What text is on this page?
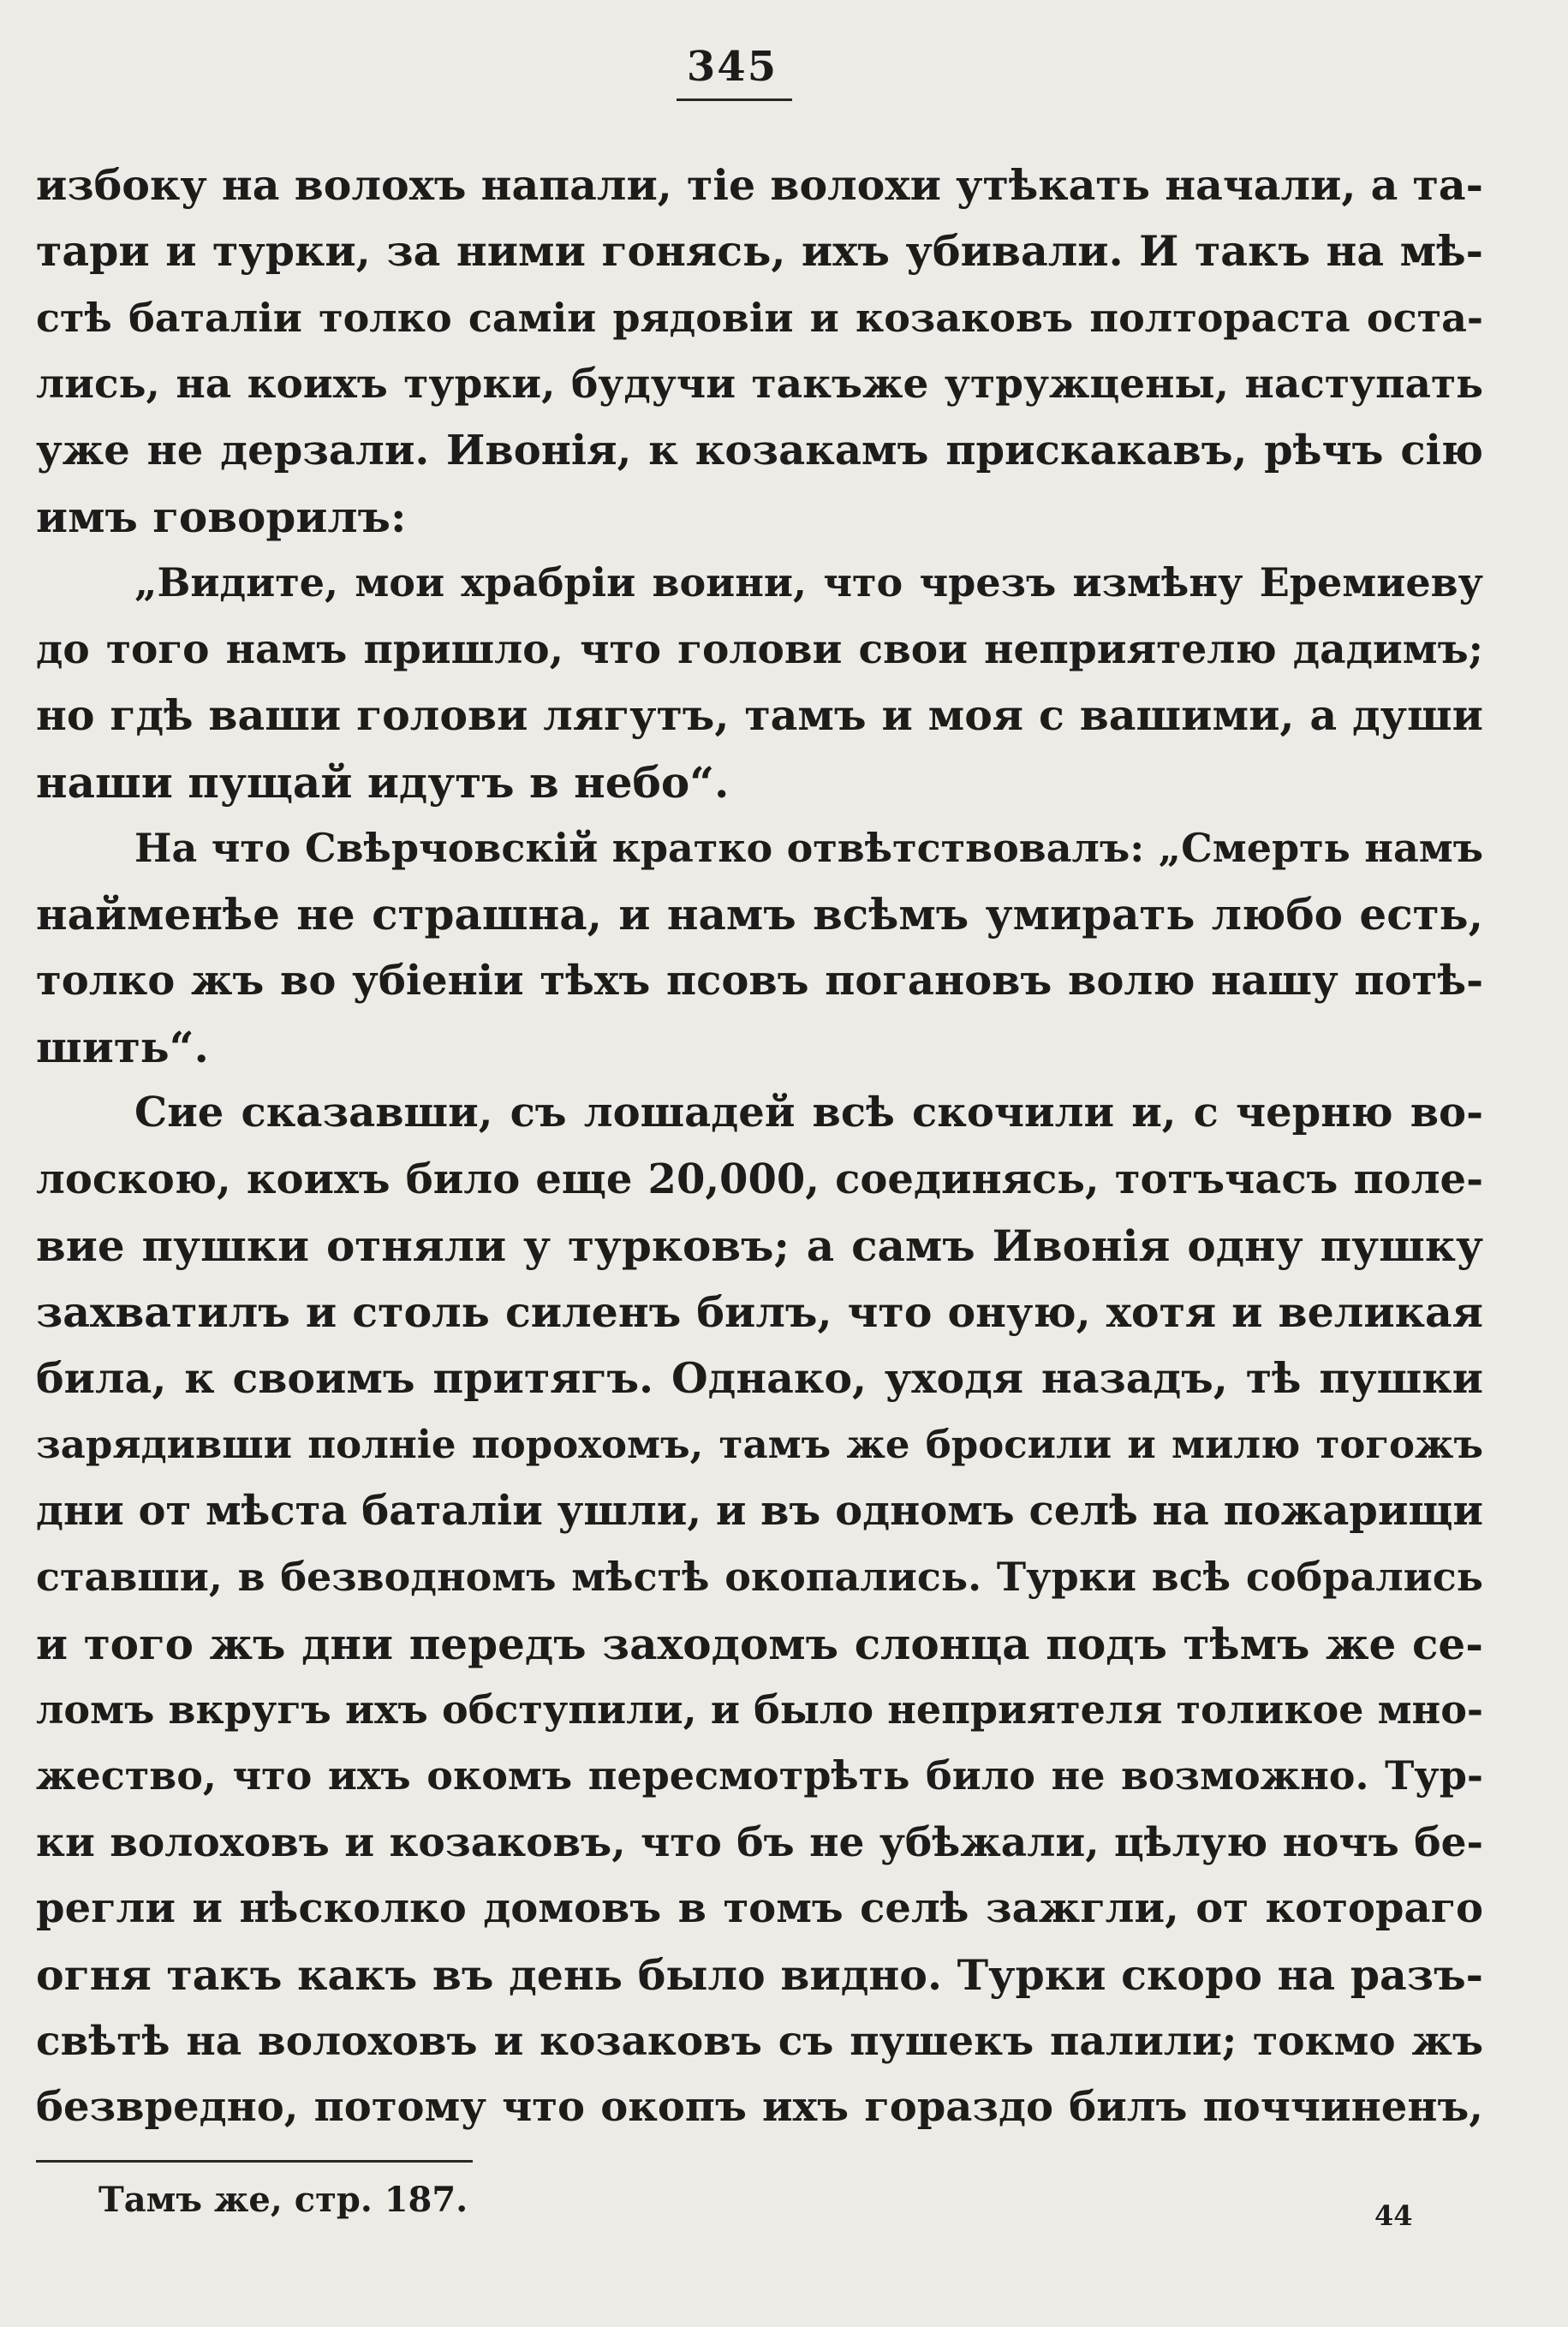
345
избоку на волохъ напали, тіе волохи утѣкать начали, а та-
тари и турки, за ними гонясь, ихъ убивали. И такъ на мѣ-
стѣ баталіи толко саміи рядовіи и козаковъ полтораста оста-
лись, на коихъ турки, будучи такъже утружцены, наступать
уже не дерзали. Ивонія, к козакамъ прискакавъ, рѣчъ сію
имъ говорилъ:
„Видите, мои храбріи воини, что чрезъ измѣну Еремиеву
до того намъ пришло, что голови свои неприятелю дадимъ;
но гдѣ ваши голови лягутъ, тамъ и моя с вашими, а души
наши пущай идутъ в небо“.
На что Свѣрчовскій кратко отвѣтствовалъ: „Смерть намъ
найменѣе не страшна, и намъ всѣмъ умирать любо есть,
толко жъ во убіеніи тѣхъ псовъ погановъ волю нашу потѣ-
шить“.
Сие сказавши, съ лошадей всѣ скочили и, с черню во-
лоскою, коихъ било еще 20,000, соединясь, тотъчасъ поле-
вие пушки отняли у турковъ; а самъ Ивонія одну пушку
захватилъ и столь силенъ билъ, что оную, хотя и великая
била, к своимъ притягъ. Однако, уходя назадъ, тѣ пушки
зарядивши полніе порохомъ, тамъ же бросили и милю тогожъ
дни от мѣста баталіи ушли, и въ одномъ селѣ на пожарищи
ставши, в безводномъ мѣстѣ окопались. Турки всѣ собрались
и того жъ дни передъ заходомъ слонца подъ тѣмъ же се-
ломъ вкругъ ихъ обступили, и было неприятеля толикое мно-
жество, что ихъ окомъ пересмотрѣть било не возможно. Тур-
ки волоховъ и козаковъ, что бъ не убѣжали, цѣлую ночъ бе-
регли и нѣсколко домовъ в томъ селѣ зажгли, от котораго
огня такъ какъ въ день было видно. Турки скоро на разъ-
свѣтѣ на волоховъ и козаковъ съ пушекъ палили; токмо жъ
безвредно, потому что окопъ ихъ гораздо билъ поччиненъ,
Тамъ же, стр. 187.	44
